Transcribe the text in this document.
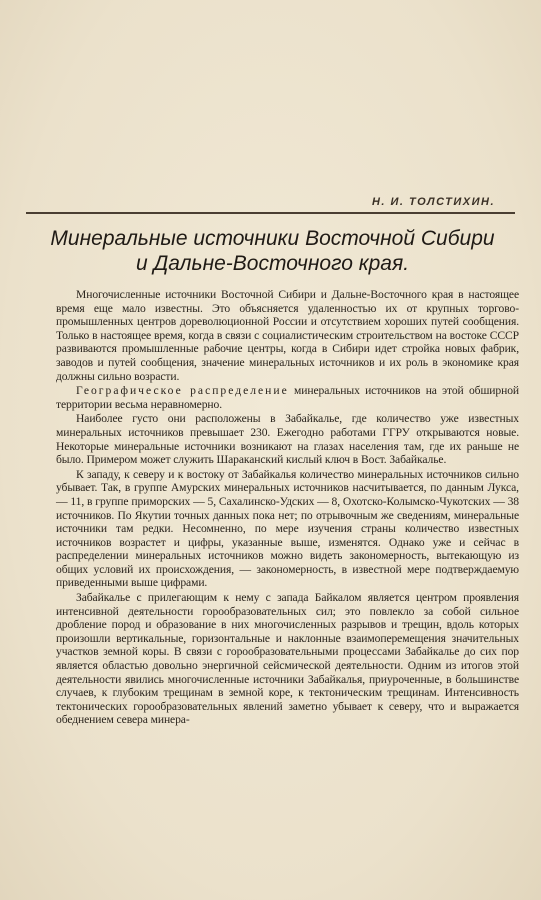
Н. И. ТОЛСТИХИН.
Минеральные источники Восточной Сибири
и Дальне-Восточного края.

Многочисленные источники Восточной Сибири и Дальне-Восточного края в настоящее время еще мало известны. Это объясняется удаленностью их от крупных торгово-промышленных центров дореволюционной России и отсутствием хороших путей сообщения. Только в настоящее время, когда в связи с социалистическим строительством на востоке СССР развиваются промышленные рабочие центры, когда в Сибири идет стройка новых фабрик, заводов и путей сообщения, значение минеральных источников и их роль в экономике края должны сильно возрасти.

Географическое распределение минеральных источников на этой обширной территории весьма неравномерно.

Наиболее густо они расположены в Забайкалье, где количество уже известных минеральных источников превышает 230. Ежегодно работами ГГРУ открываются новые. Некоторые минеральные источники возникают на глазах населения там, где их раньше не было. Примером может служить Шараканский кислый ключ в Вост. Забайкалье.

К западу, к северу и к востоку от Забайкалья количество минеральных источников сильно убывает. Так, в группе Амурских минеральных источников насчитывается, по данным Лукса, — 11, в группе приморских — 5, Сахалинско-Удских — 8, Охотско-Колымско-Чукотских — 38 источников. По Якутии точных данных пока нет; по отрывочным же сведениям, минеральные источники там редки. Несомненно, по мере изучения страны количество известных источников возрастет и цифры, указанные выше, изменятся. Однако уже и сейчас в распределении минеральных источников можно видеть закономерность, вытекающую из общих условий их происхождения, — закономерность, в известной мере подтверждаемую приведенными выше цифрами.

Забайкалье с прилегающим к нему с запада Байкалом является центром проявления интенсивной деятельности горообразовательных сил; это повлекло за собой сильное дробление пород и образование в них многочисленных разрывов и трещин, вдоль которых произошли вертикальные, горизонтальные и наклонные взаимоперемещения значительных участков земной коры. В связи с горообразовательными процессами Забайкалье до сих пор является областью довольно энергичной сейсмической деятельности. Одним из итогов этой деятельности явились многочисленные источники Забайкалья, приуроченные, в большинстве случаев, к глубоким трещинам в земной коре, к тектоническим трещинам. Интенсивность тектонических горообразовательных явлений заметно убывает к северу, что и выражается обеднением севера минера-
